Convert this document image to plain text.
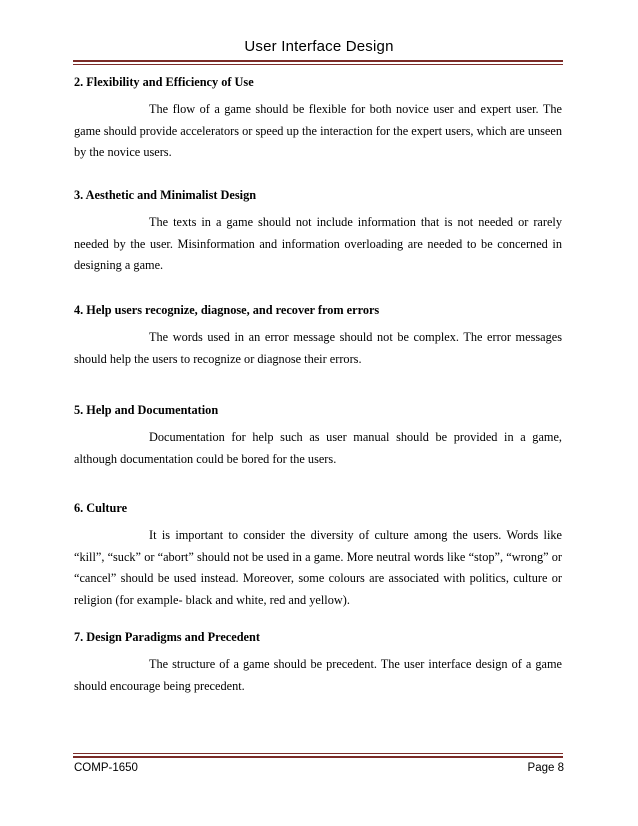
User Interface Design

2. Flexibility and Efficiency of Use

The flow of a game should be flexible for both novice user and expert user. The game should provide accelerators or speed up the interaction for the expert users, which are unseen by the novice users.

3. Aesthetic and Minimalist Design

The texts in a game should not include information that is not needed or rarely needed by the user. Misinformation and information overloading are needed to be concerned in designing a game.

4. Help users recognize, diagnose, and recover from errors

The words used in an error message should not be complex. The error messages should help the users to recognize or diagnose their errors.

5. Help and Documentation

Documentation for help such as user manual should be provided in a game, although documentation could be bored for the users.

6. Culture

It is important to consider the diversity of culture among the users. Words like “kill”, “suck” or “abort” should not be used in a game. More neutral words like “stop”, “wrong” or “cancel” should be used instead. Moreover, some colours are associated with politics, culture or religion (for example- black and white, red and yellow).

7. Design Paradigms and Precedent

The structure of a game should be precedent. The user interface design of a game should encourage being precedent.

COMP-1650	Page 8
